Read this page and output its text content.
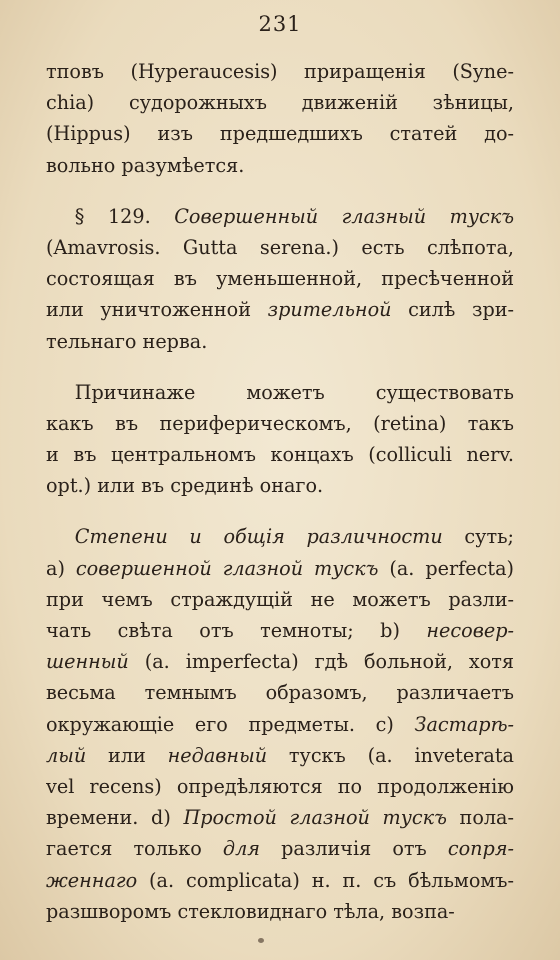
231
тповъ (Hyperaucesis) приращенія (Syne-
chia) судорожныхъ движеній зѣницы,
(Hippus) изъ предшедшихъ статей до-
вольно разумѣется.
  § 129. Совершенный глазный тускъ
(Amavrosis. Gutta serena.) есть слѣпота,
состоящая въ уменьшенной, пресѣченной
или уничтоженной зрительной силѣ зри-
тельнаго нерва.
  Причинаже можетъ существовать
какъ въ периферическомъ, (retina) такъ
и въ центральномъ концахъ (colliculi nerv.
opt.) или въ срединѣ онаго.
  Степени и общія различности суть;
a) совершенной глазной тускъ (a. perfecta)
при чемъ страждущій не можетъ разли-
чать свѣта отъ темноты; b) несовер-
шенный (a. imperfecta) гдѣ больной, хотя
весьма темнымъ образомъ, различаетъ
окружающіе его предметы. c) Застарѣ-
лый или недавный тускъ (a. inveterata
vel recens) опредѣляются по продолженію
времени. d) Простой глазной тускъ пола-
гается только для различія отъ сопря-
женнаго (a. complicata) н. п. съ бѣльмомъ-
разшворомъ стекловиднаго тѣла, возпа-
